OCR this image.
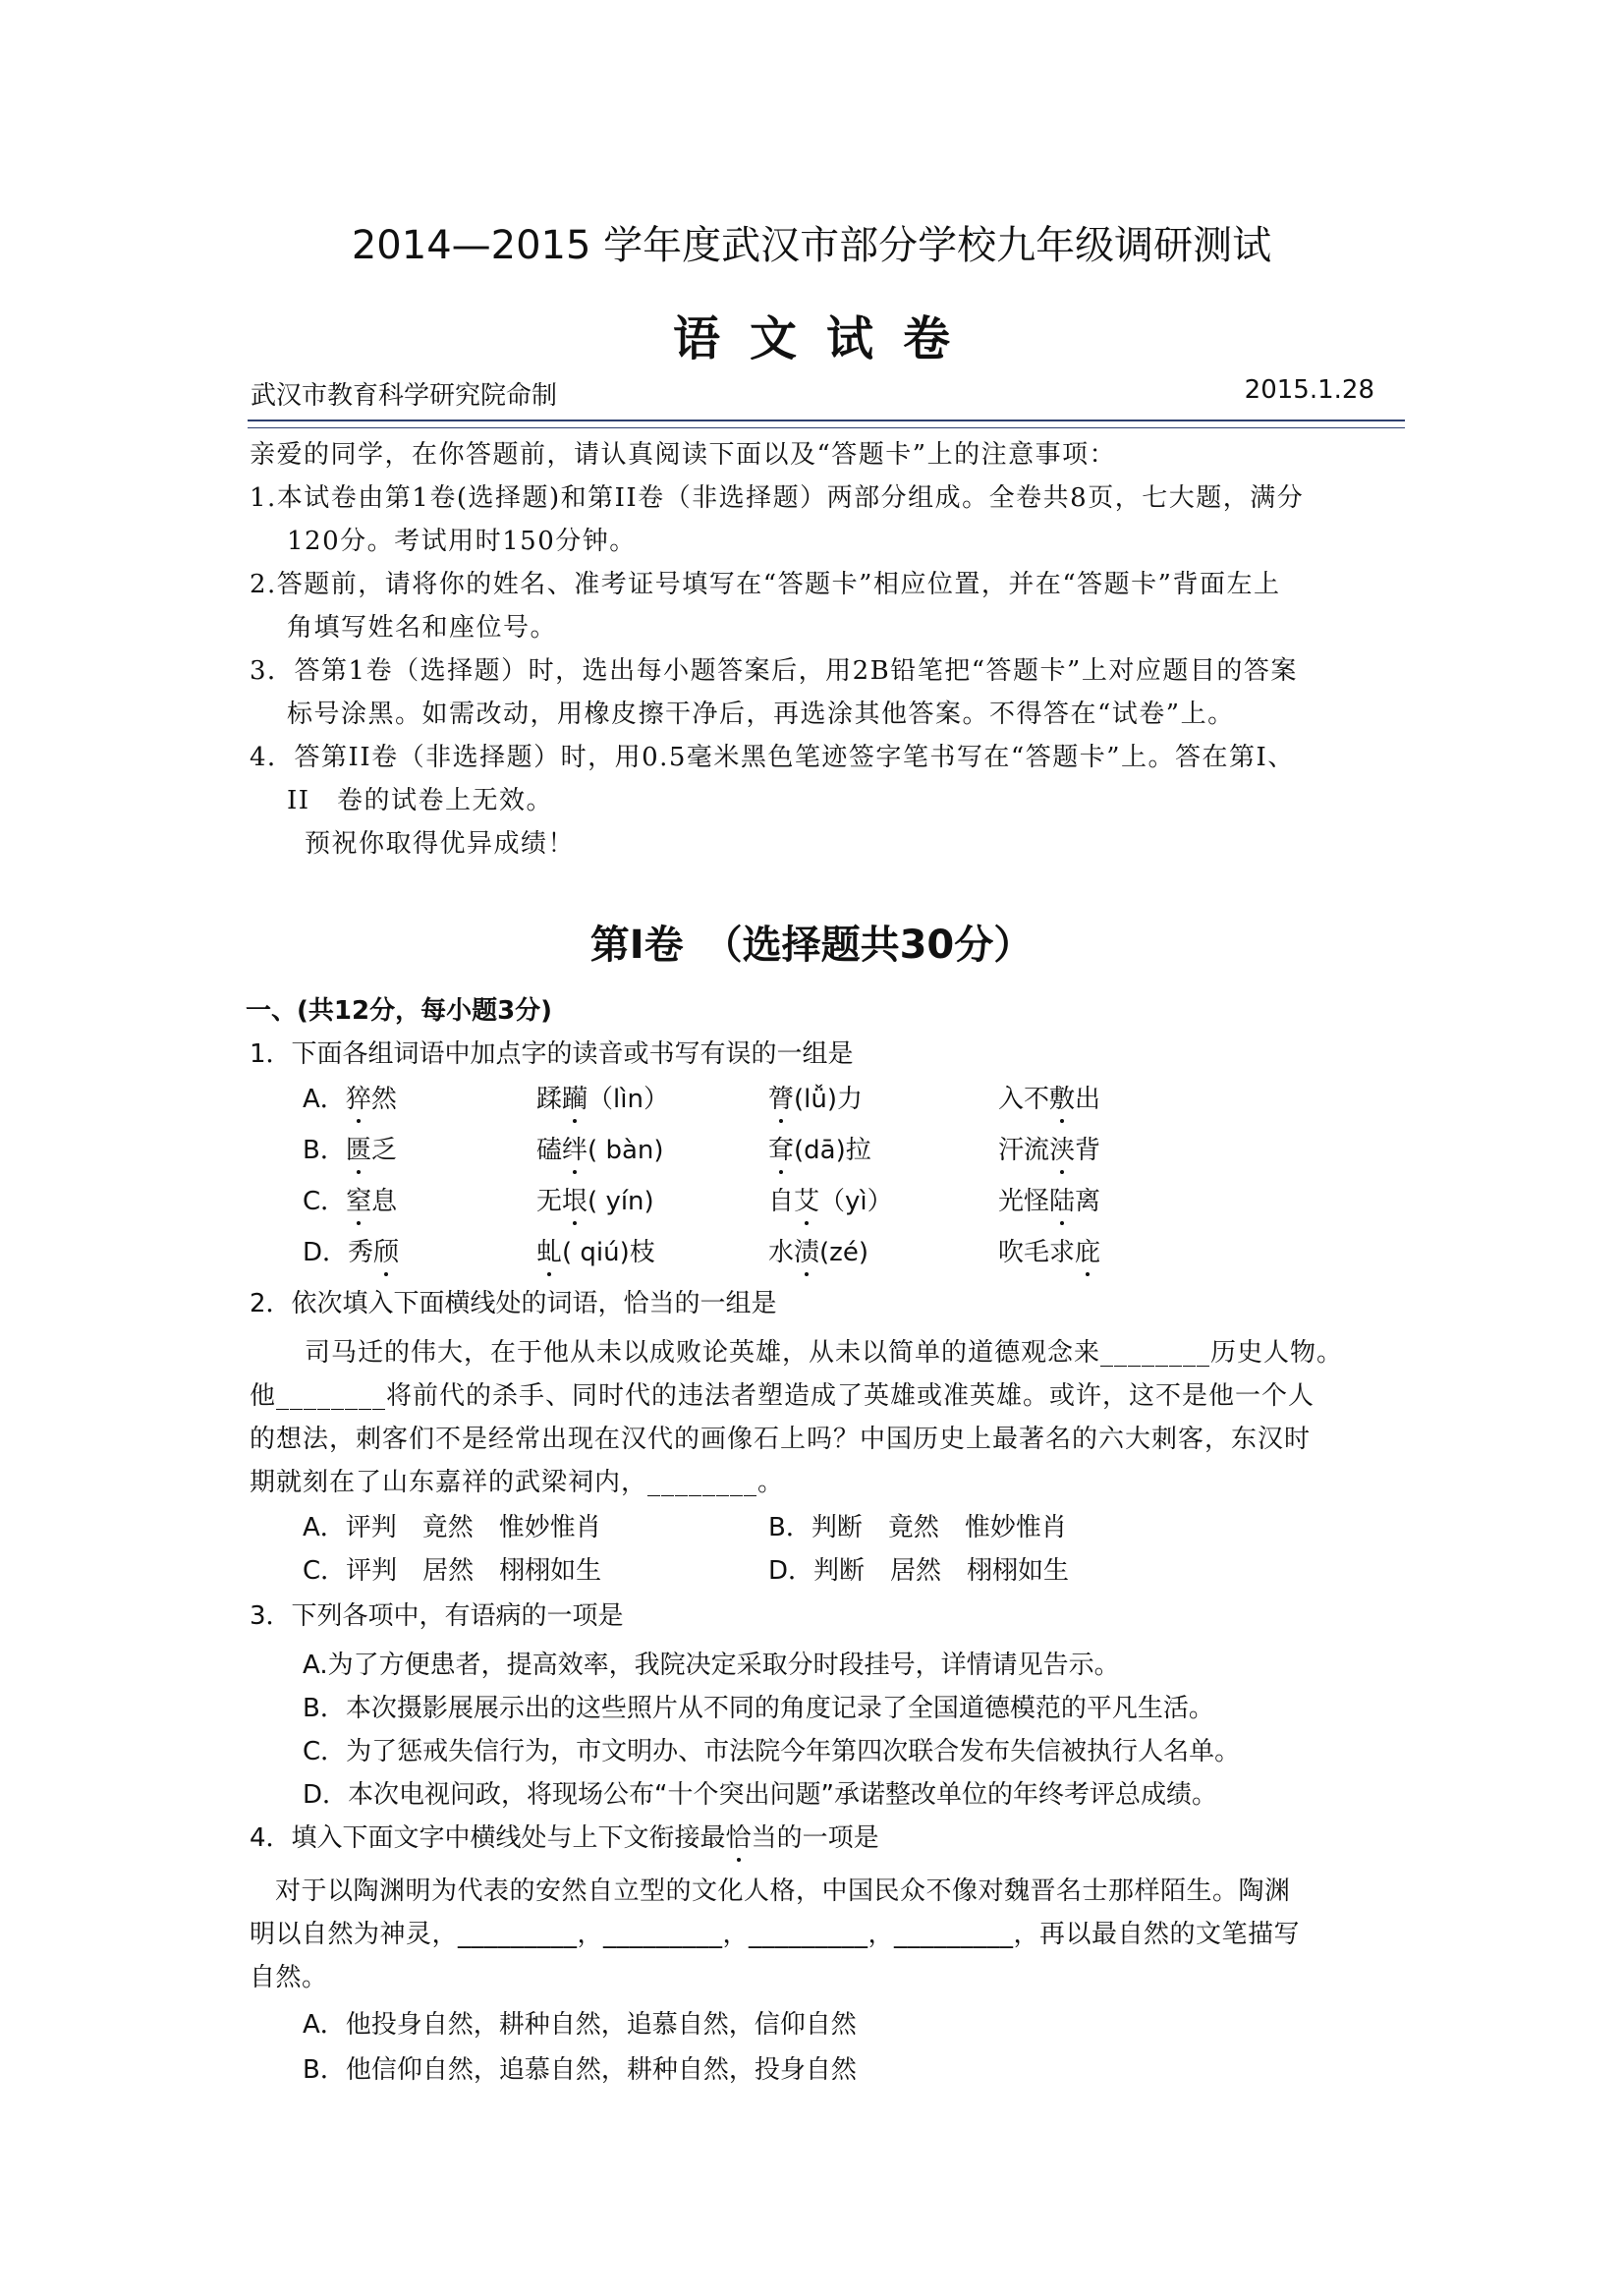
2014—2015 学年度武汉市部分学校九年级调研测试
语文试卷
武汉市教育科学研究院命制	2015.1.28
亲爱的同学，在你答题前，请认真阅读下面以及“答题卡”上的注意事项：
1.本试卷由第1卷(选择题)和第II卷（非选择题）两部分组成。全卷共8页，七大题，满分
120分。考试用时150分钟。
2.答题前，请将你的姓名、准考证号填写在“答题卡”相应位置，并在“答题卡”背面左上
角填写姓名和座位号。
3．答第1卷（选择题）时，选出每小题答案后，用2B铅笔把“答题卡”上对应题目的答案
标号涂黑。如需改动，用橡皮擦干净后，再选涂其他答案。不得答在“试卷”上。
4．答第II卷（非选择题）时，用0.5毫米黑色笔迹签字笔书写在“答题卡”上。答在第I、
II　卷的试卷上无效。
预祝你取得优异成绩！
第I卷　（选择题共30分）
一、(共12分，每小题3分)
1．下面各组词语中加点字的读音或书写有误的一组是
A．猝然	蹂躏（lìn）	膂(lǚ)力	入不敷出
B．匮乏	磕绊( bàn)	耷(dā)拉	汗流浃背
C．窒息	无垠( yín)	自艾（yì）	光怪陆离
D．秀颀	虬( qiú)枝	水渍(zé)	吹毛求庇
2．依次填入下面横线处的词语，恰当的一组是
司马迁的伟大，在于他从未以成败论英雄，从未以简单的道德观念来________历史人物。
他________将前代的杀手、同时代的违法者塑造成了英雄或准英雄。或许，这不是他一个人
的想法，刺客们不是经常出现在汉代的画像石上吗？中国历史上最著名的六大刺客，东汉时
期就刻在了山东嘉祥的武梁祠内，________。
A．评判　竟然　惟妙惟肖	B．判断　竟然　惟妙惟肖
C．评判　居然　栩栩如生	D．判断　居然　栩栩如生
3．下列各项中，有语病的一项是
A.为了方便患者，提高效率，我院决定采取分时段挂号，详情请见告示。
B．本次摄影展展示出的这些照片从不同的角度记录了全国道德模范的平凡生活。
C．为了惩戒失信行为，市文明办、市法院今年第四次联合发布失信被执行人名单。
D．本次电视问政，将现场公布“十个突出问题”承诺整改单位的年终考评总成绩。
4．填入下面文字中横线处与上下文衔接最恰当的一项是
对于以陶渊明为代表的安然自立型的文化人格，中国民众不像对魏晋名士那样陌生。陶渊
明以自然为神灵，_________，_________，_________，_________，再以最自然的文笔描写
自然。
A．他投身自然，耕种自然，追慕自然，信仰自然
B．他信仰自然，追慕自然，耕种自然，投身自然
